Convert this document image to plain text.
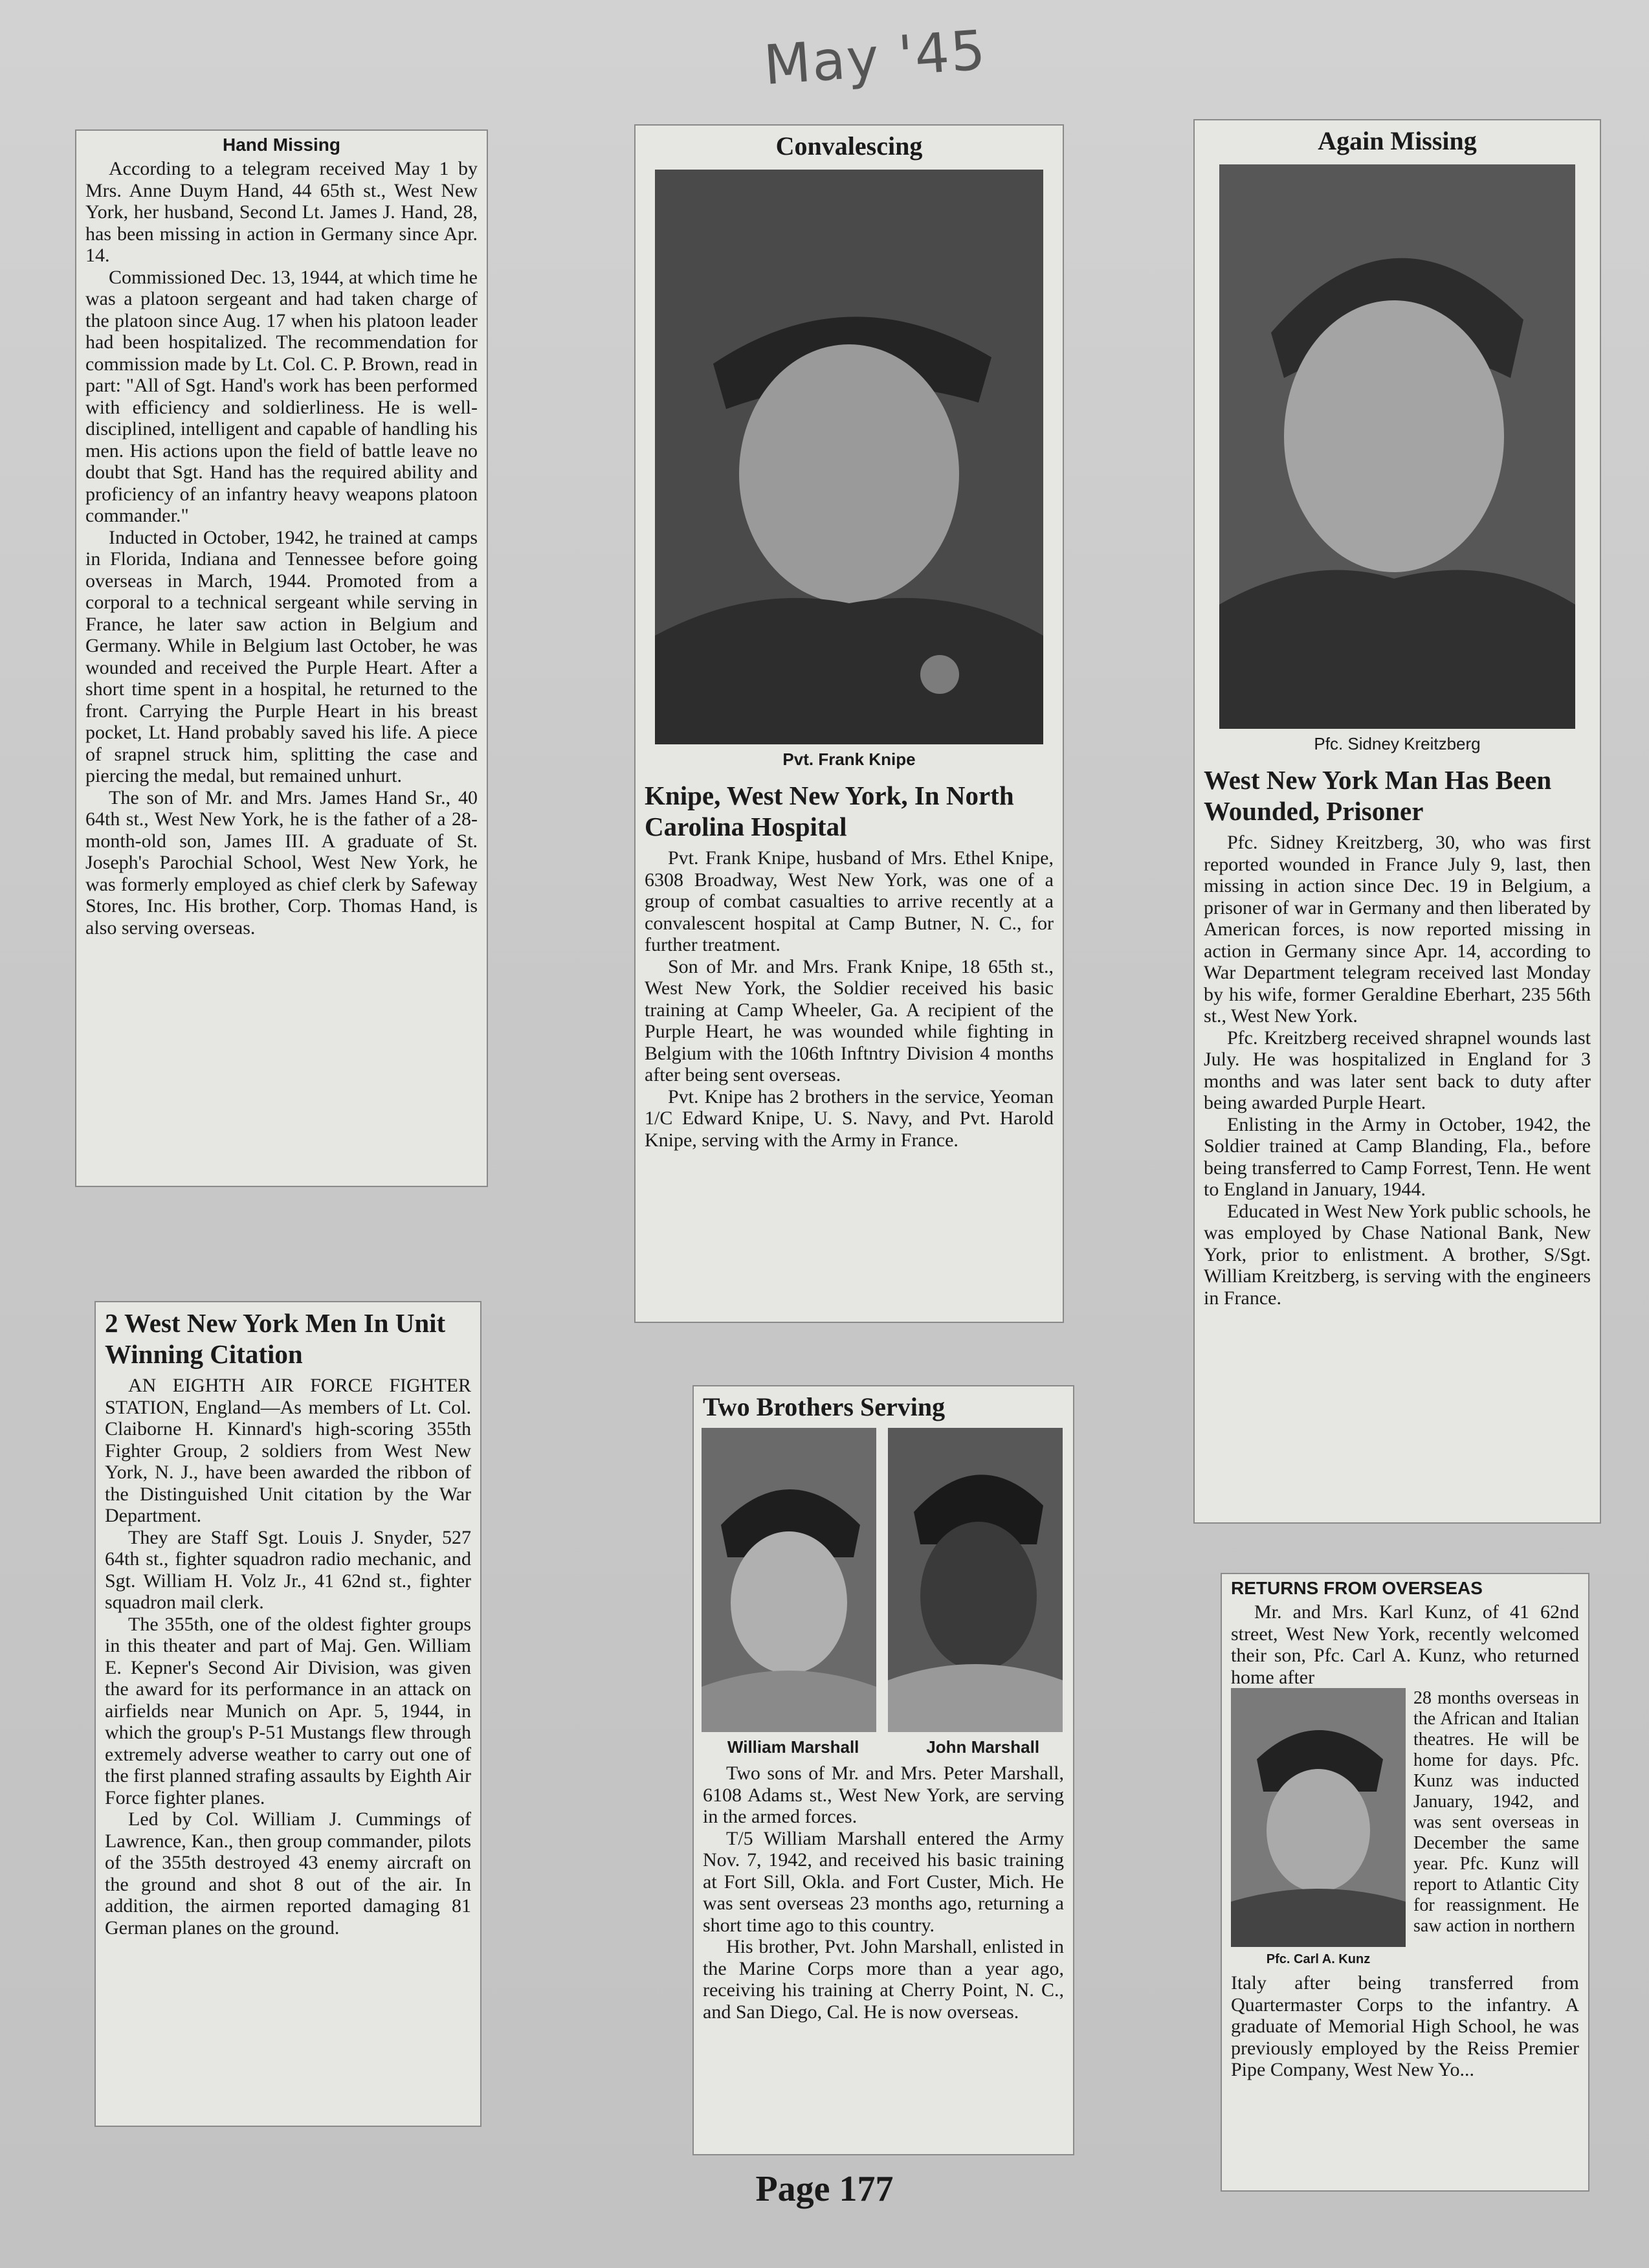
May '45
Hand Missing

According to a telegram received May 1 by Mrs. Anne Duym Hand, 44 65th st., West New York, her husband, Second Lt. James J. Hand, 28, has been missing in action in Germany since Apr. 14.

Commissioned Dec. 13, 1944, at which time he was a platoon sergeant and had taken charge of the platoon since Aug. 17 when his platoon leader had been hospitalized. The recommendation for commission made by Lt. Col. C. P. Brown, read in part: "All of Sgt. Hand's work has been performed with efficiency and soldierliness. He is well-disciplined, intelligent and capable of handling his men. His actions upon the field of battle leave no doubt that Sgt. Hand has the required ability and proficiency of an infantry heavy weapons platoon commander."

Inducted in October, 1942, he trained at camps in Florida, Indiana and Tennessee before going overseas in March, 1944. Promoted from a corporal to a technical sergeant while serving in France, he later saw action in Belgium and Germany. While in Belgium last October, he was wounded and received the Purple Heart. After a short time spent in a hospital, he returned to the front. Carrying the Purple Heart in his breast pocket, Lt. Hand probably saved his life. A piece of srapnel struck him, splitting the case and piercing the medal, but remained unhurt.

The son of Mr. and Mrs. James Hand Sr., 40 64th st., West New York, he is the father of a 28-month-old son, James III. A graduate of St. Joseph's Parochial School, West New York, he was formerly employed as chief clerk by Safeway Stores, Inc. His brother, Corp. Thomas Hand, is also serving overseas.

Convalescing
Pvt. Frank Knipe
Knipe, West New York, In North Carolina Hospital

Pvt. Frank Knipe, husband of Mrs. Ethel Knipe, 6308 Broadway, West New York, was one of a group of combat casualties to arrive recently at a convalescent hospital at Camp Butner, N. C., for further treatment.

Son of Mr. and Mrs. Frank Knipe, 18 65th st., West New York, the Soldier received his basic training at Camp Wheeler, Ga. A recipient of the Purple Heart, he was wounded while fighting in Belgium with the 106th Inftntry Division 4 months after being sent overseas.

Pvt. Knipe has 2 brothers in the service, Yeoman 1/C Edward Knipe, U. S. Navy, and Pvt. Harold Knipe, serving with the Army in France.

Again Missing
Pfc. Sidney Kreitzberg
West New York Man Has Been Wounded, Prisoner

Pfc. Sidney Kreitzberg, 30, who was first reported wounded in France July 9, last, then missing in action since Dec. 19 in Belgium, a prisoner of war in Germany and then liberated by American forces, is now reported missing in action in Germany since Apr. 14, according to War Department telegram received last Monday by his wife, former Geraldine Eberhart, 235 56th st., West New York.

Pfc. Kreitzberg received shrapnel wounds last July. He was hospitalized in England for 3 months and was later sent back to duty after being awarded Purple Heart.

Enlisting in the Army in October, 1942, the Soldier trained at Camp Blanding, Fla., before being transferred to Camp Forrest, Tenn. He went to England in January, 1944.

Educated in West New York public schools, he was employed by Chase National Bank, New York, prior to enlistment. A brother, S/Sgt. William Kreitzberg, is serving with the engineers in France.

2 West New York Men In Unit Winning Citation

AN EIGHTH AIR FORCE FIGHTER STATION, England—As members of Lt. Col. Claiborne H. Kinnard's high-scoring 355th Fighter Group, 2 soldiers from West New York, N. J., have been awarded the ribbon of the Distinguished Unit citation by the War Department.

They are Staff Sgt. Louis J. Snyder, 527 64th st., fighter squadron radio mechanic, and Sgt. William H. Volz Jr., 41 62nd st., fighter squadron mail clerk.

The 355th, one of the oldest fighter groups in this theater and part of Maj. Gen. William E. Kepner's Second Air Division, was given the award for its performance in an attack on airfields near Munich on Apr. 5, 1944, in which the group's P-51 Mustangs flew through extremely adverse weather to carry out one of the first planned strafing assaults by Eighth Air Force fighter planes.

Led by Col. William J. Cummings of Lawrence, Kan., then group commander, pilots of the 355th destroyed 43 enemy aircraft on the ground and shot 8 out of the air. In addition, the airmen reported damaging 81 German planes on the ground.

Two Brothers Serving
William Marshall	John Marshall

Two sons of Mr. and Mrs. Peter Marshall, 6108 Adams st., West New York, are serving in the armed forces.

T/5 William Marshall entered the Army Nov. 7, 1942, and received his basic training at Fort Sill, Okla. and Fort Custer, Mich. He was sent overseas 23 months ago, returning a short time ago to this country.

His brother, Pvt. John Marshall, enlisted in the Marine Corps more than a year ago, receiving his training at Cherry Point, N. C., and San Diego, Cal. He is now overseas.

RETURNS FROM OVERSEAS

Mr. and Mrs. Karl Kunz, of 41 62nd street, West New York, recently welcomed their son, Pfc. Carl A. Kunz, who returned home after

Pfc. Carl A. Kunz

28 months overseas in the African and Italian theatres. He will be home for days. Pfc. Kunz was inducted January, 1942, and was sent overseas in December the same year. Pfc. Kunz will report to Atlantic City for reassignment. He saw action in northern

Italy after being transferred from Quartermaster Corps to the infantry. A graduate of Memorial High School, he was previously employed by the Reiss Premier Pipe Company, West New Yo...

Page 177
